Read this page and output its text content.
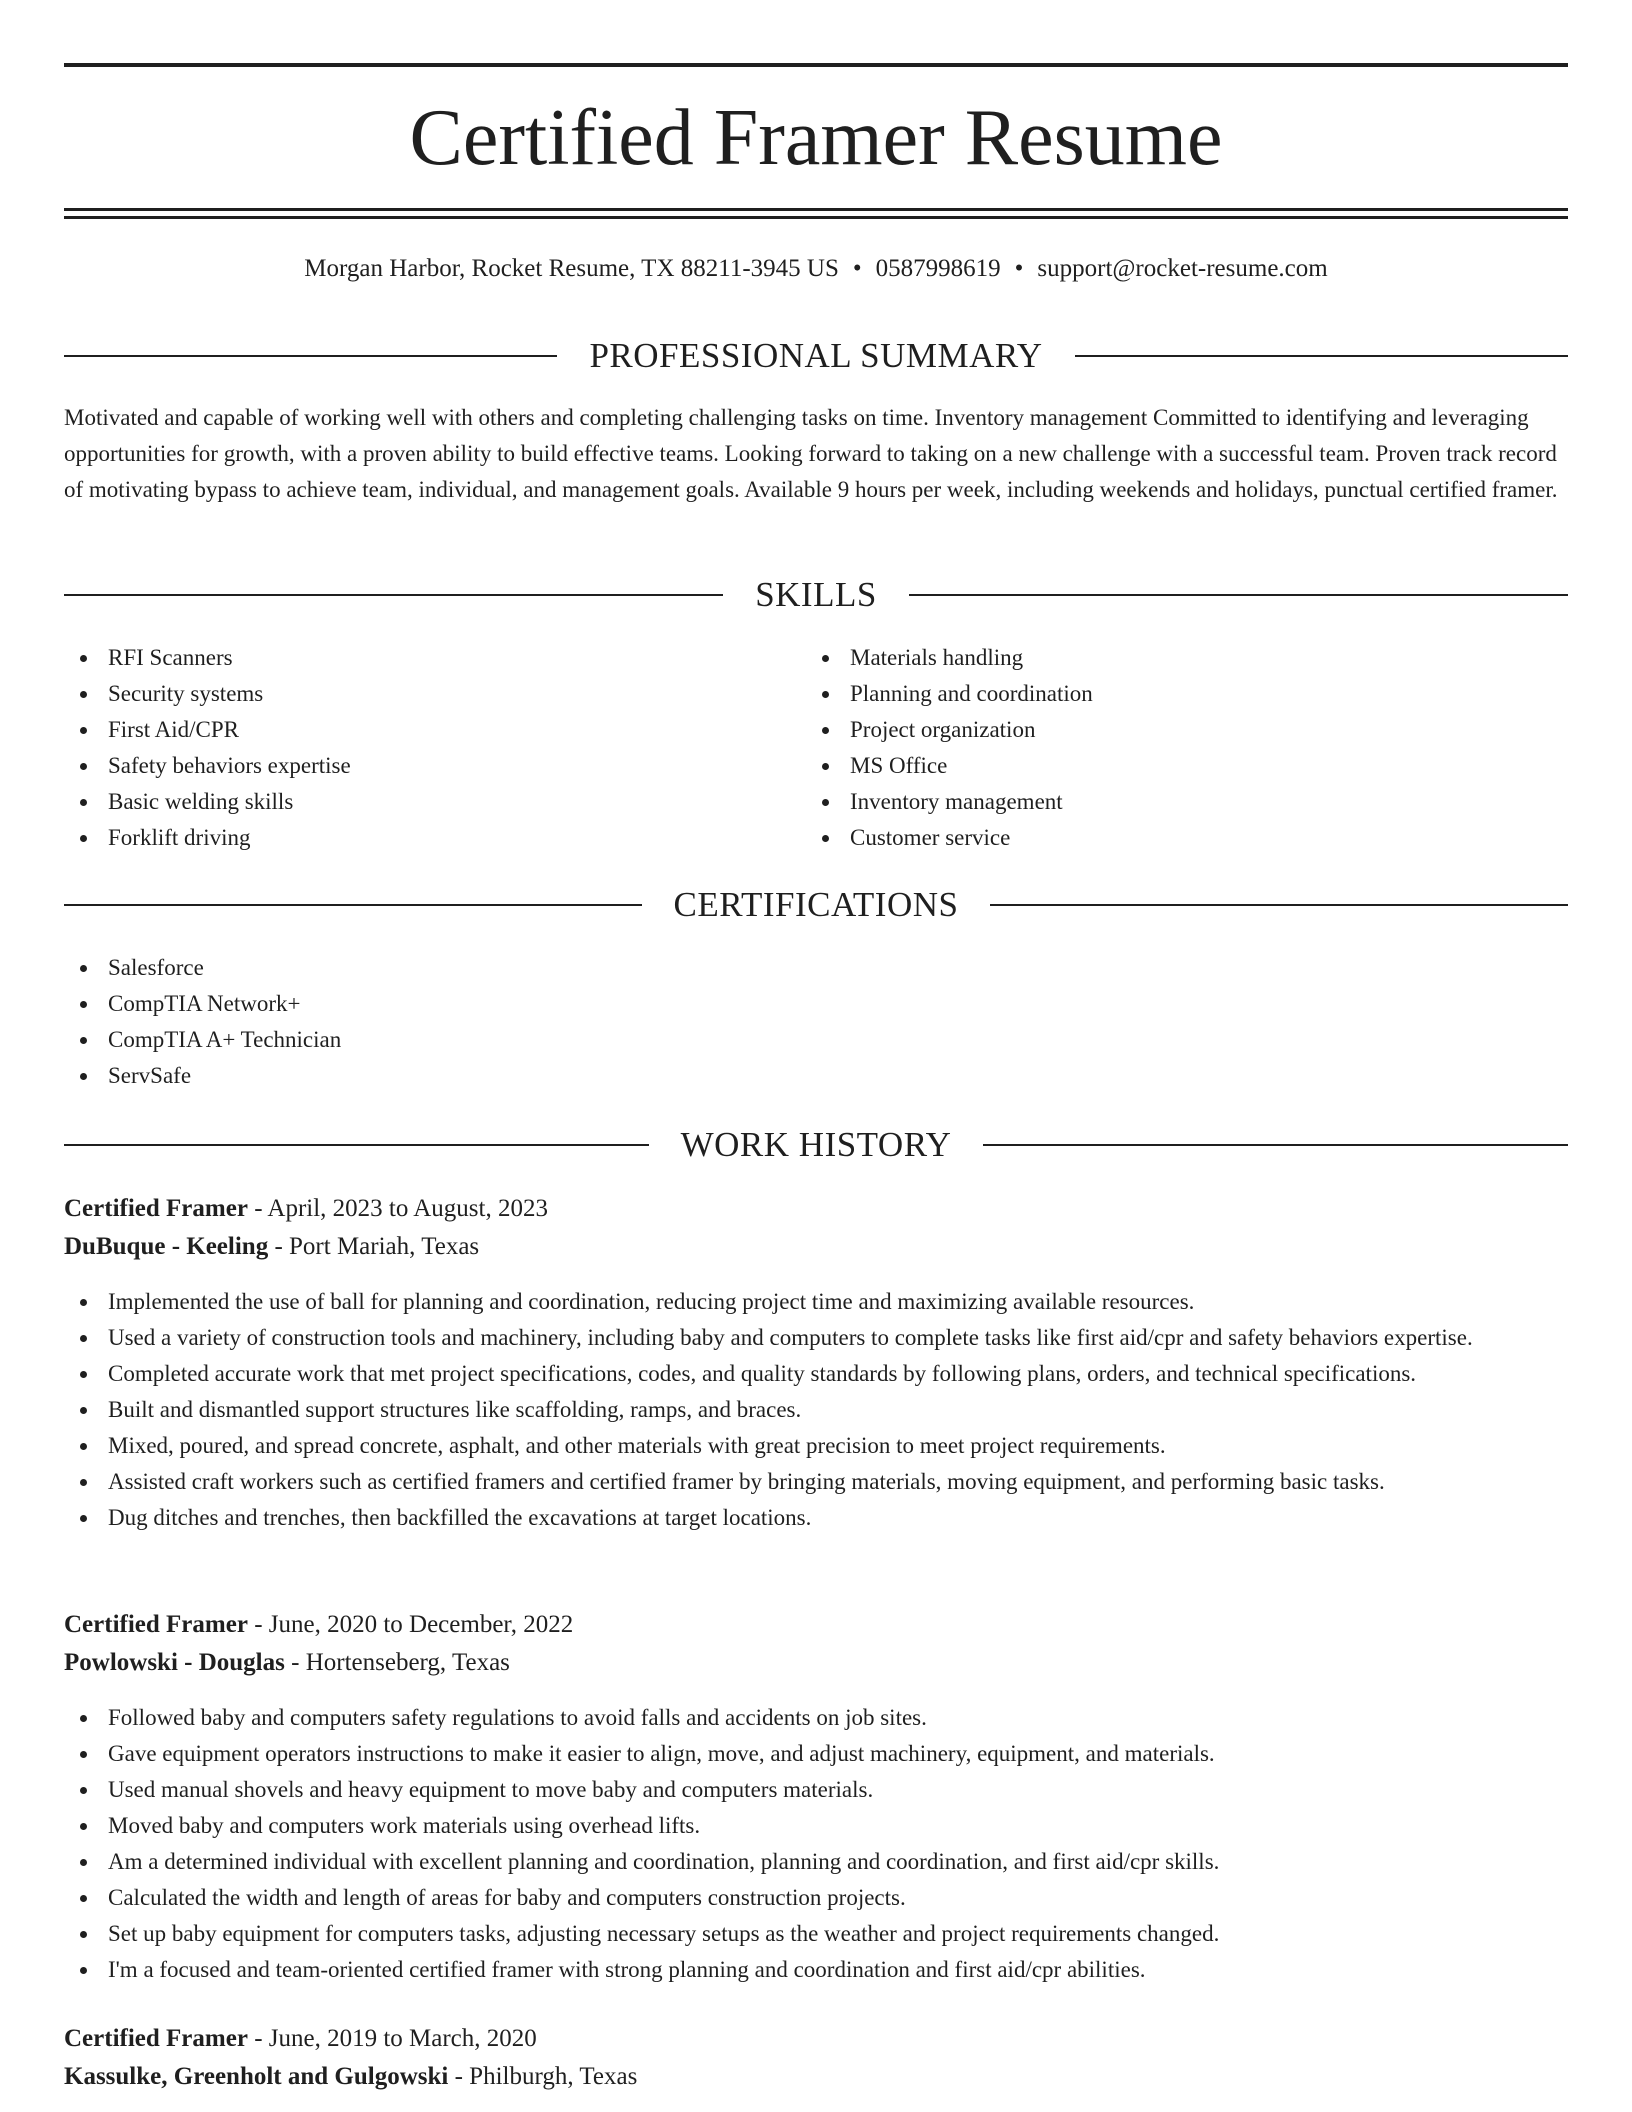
Certified Framer Resume
Morgan Harbor, Rocket Resume, TX 88211-3945 US • 0587998619 • support@rocket-resume.com
PROFESSIONAL SUMMARY

Motivated and capable of working well with others and completing challenging tasks on time. Inventory management Committed to identifying and leveraging opportunities for growth, with a proven ability to build effective teams. Looking forward to taking on a new challenge with a successful team. Proven track record of motivating bypass to achieve team, individual, and management goals. Available 9 hours per week, including weekends and holidays, punctual certified framer.

SKILLS
RFI Scanners
Security systems
First Aid/CPR
Safety behaviors expertise
Basic welding skills
Forklift driving
Materials handling
Planning and coordination
Project organization
MS Office
Inventory management
Customer service
CERTIFICATIONS
Salesforce
CompTIA Network+
CompTIA A+ Technician
ServSafe
WORK HISTORY
Certified Framer - April, 2023 to August, 2023
DuBuque - Keeling - Port Mariah, Texas
Implemented the use of ball for planning and coordination, reducing project time and maximizing available resources.
Used a variety of construction tools and machinery, including baby and computers to complete tasks like first aid/cpr and safety behaviors expertise.
Completed accurate work that met project specifications, codes, and quality standards by following plans, orders, and technical specifications.
Built and dismantled support structures like scaffolding, ramps, and braces.
Mixed, poured, and spread concrete, asphalt, and other materials with great precision to meet project requirements.
Assisted craft workers such as certified framers and certified framer by bringing materials, moving equipment, and performing basic tasks.
Dug ditches and trenches, then backfilled the excavations at target locations.
Certified Framer - June, 2020 to December, 2022
Powlowski - Douglas - Hortenseberg, Texas
Followed baby and computers safety regulations to avoid falls and accidents on job sites.
Gave equipment operators instructions to make it easier to align, move, and adjust machinery, equipment, and materials.
Used manual shovels and heavy equipment to move baby and computers materials.
Moved baby and computers work materials using overhead lifts.
Am a determined individual with excellent planning and coordination, planning and coordination, and first aid/cpr skills.
Calculated the width and length of areas for baby and computers construction projects.
Set up baby equipment for computers tasks, adjusting necessary setups as the weather and project requirements changed.
I'm a focused and team-oriented certified framer with strong planning and coordination and first aid/cpr abilities.
Certified Framer - June, 2019 to March, 2020
Kassulke, Greenholt and Gulgowski - Philburgh, Texas
